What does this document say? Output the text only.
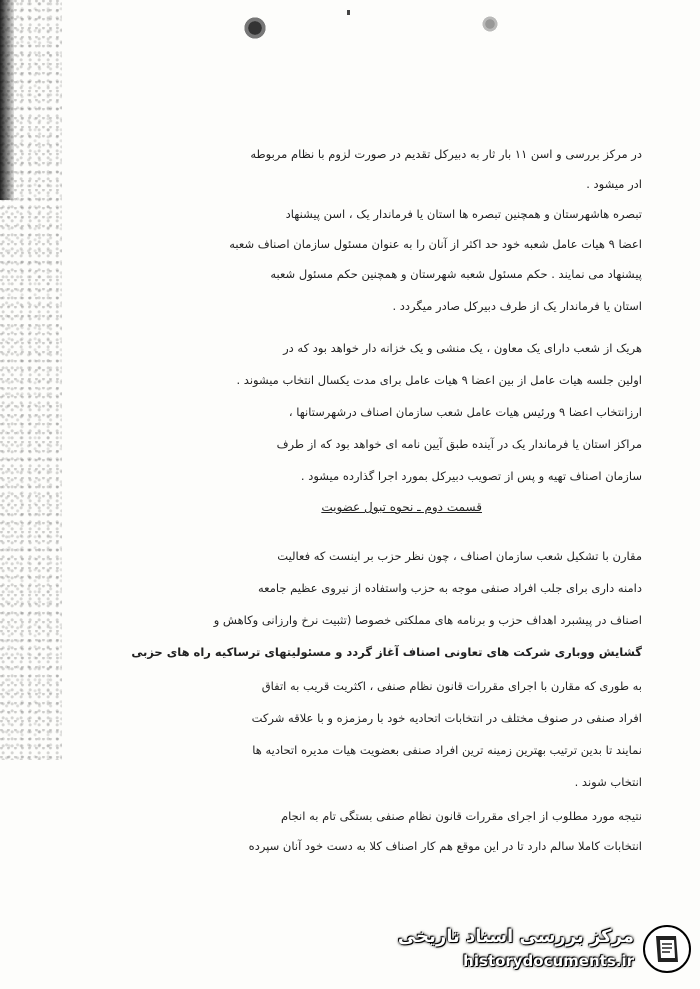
در مرکز بررسی و اسن ۱۱ بار ثار به دبیرکل تقدیم در صورت لزوم با نظام مربوطه
ادر میشود .
تبصره هاشهرستان و همچنین تبصره ها استان یا فرماندار یک ، اسن پیشنهاد
اعضا ۹ هیات عامل شعبه خود حد اکثر از آنان را به عنوان مسئول سازمان اصناف شعبه
پیشنهاد می نمایند . حکم مسئول شعبه شهرستان و همچنین حکم مسئول شعبه
استان یا فرماندار یک از طرف دبیرکل صادر میگردد .
هریک از شعب دارای یک معاون ، یک منشی و یک خزانه دار خواهد بود که در
اولین جلسه هیات عامل از بین اعضا ۹ هیات عامل برای مدت یکسال انتخاب میشوند .
ارزانتخاب اعضا ۹ ورئیس هیات عامل شعب سازمان اصناف درشهرستانها ،
مراکز استان یا فرماندار یک در آینده طبق آیین نامه ای خواهد بود که از طرف
سازمان اصناف تهیه و پس از تصویب دبیرکل بمورد اجرا گذارده میشود .
قسمت دوم ـ نحوه تبول عضویت
مقارن با تشکیل شعب سازمان اصناف ، چون نظر حزب بر اینست که فعالیت
دامنه داری برای جلب افراد صنفی موجه به حزب واستفاده از نیروی عظیم جامعه
اصناف در پیشبرد اهداف حزب و برنامه های مملکتی خصوصا (تثبیت نرخ وارزانی وکاهش و
گشایش ووباری شرکت های تعاونی اصناف آغاز گردد و مسئولیتهای ترساکیه راه های حزبی
به طوری که مقارن با اجرای مقررات قانون نظام صنفی ، اکثریت قریب به اتفاق
افراد صنفی در صنوف مختلف در انتخابات اتحادیه خود با رمزمزه و با علاقه شرکت
نمایند تا بدین ترتیب بهترین زمینه ترین افراد صنفی بعضویت هیات مدیره اتحادیه ها
انتخاب شوند .
نتیجه مورد مطلوب از اجرای مقررات قانون نظام صنفی بستگی تام به انجام
انتخابات کاملا سالم دارد تا در این موقع هم کار اصناف کلا به دست خود آنان سپرده
مرکز بررسی اسناد تاریخی
historydocuments.ir
